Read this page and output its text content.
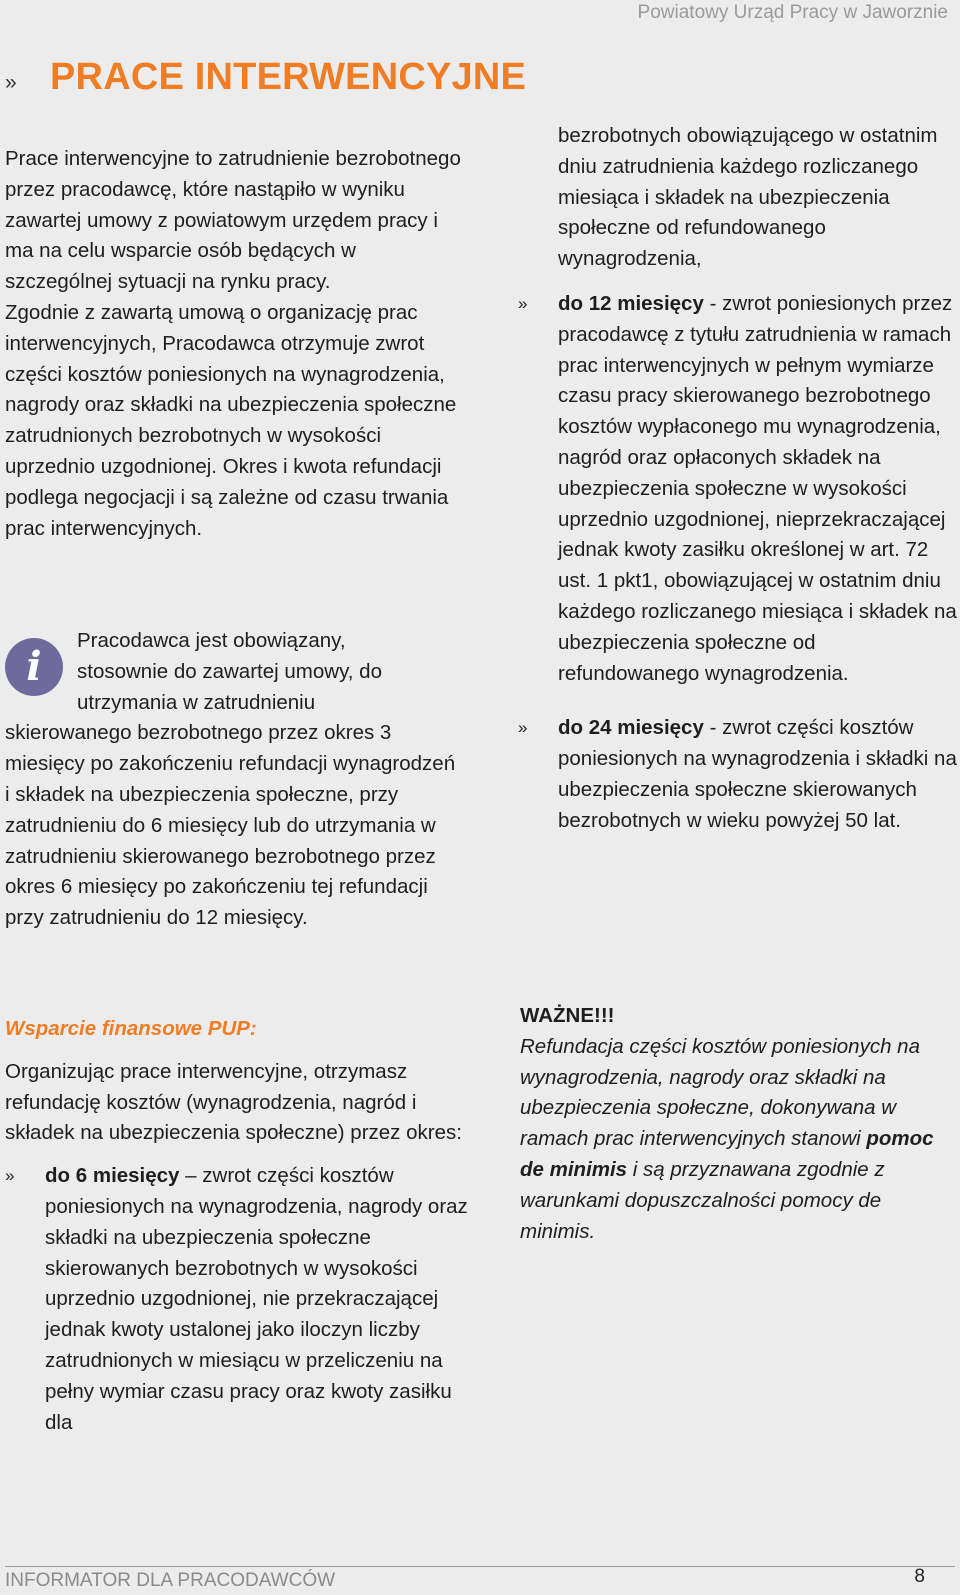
Powiatowy Urząd Pracy w Jaworznie
» PRACE INTERWENCYJNE

Prace interwencyjne to zatrudnienie bezrobotnego przez pracodawcę, które nastąpiło w wyniku zawartej umowy z powiatowym urzędem pracy i ma na celu wsparcie osób będących w szczególnej sytuacji na rynku pracy.

Zgodnie z zawartą umową o organizację prac interwencyjnych, Pracodawca otrzymuje zwrot części kosztów poniesionych na wynagrodzenia, nagrody oraz składki na ubezpieczenia społeczne zatrudnionych bezrobotnych w wysokości uprzednio uzgodnionej. Okres i kwota refundacji podlega negocjacji i są zależne od czasu trwania prac interwencyjnych.

i
Pracodawca jest obowiązany,
stosownie do zawartej umowy, do
utrzymania w zatrudnieniu
skierowanego bezrobotnego przez okres 3 miesięcy po zakończeniu refundacji wynagrodzeń i składek na ubezpieczenia społeczne, przy zatrudnieniu do 6 miesięcy lub do utrzymania w zatrudnieniu skierowanego bezrobotnego przez okres 6 miesięcy po zakończeniu tej refundacji przy zatrudnieniu do 12 miesięcy.

bezrobotnych obowiązującego w ostatnim dniu zatrudnienia każdego rozliczanego miesiąca i składek na ubezpieczenia społeczne od refundowanego wynagrodzenia,

»	do 12 miesięcy - zwrot poniesionych przez pracodawcę z tytułu zatrudnienia w ramach prac interwencyjnych w pełnym wymiarze czasu pracy skierowanego bezrobotnego kosztów wypłaconego mu wynagrodzenia, nagród oraz opłaconych składek na ubezpieczenia społeczne w wysokości uprzednio uzgodnionej, nieprzekraczającej jednak kwoty zasiłku określonej w art. 72 ust. 1 pkt1, obowiązującej w ostatnim dniu każdego rozliczanego miesiąca i składek na ubezpieczenia społeczne od refundowanego wynagrodzenia.
»	do 24 miesięcy - zwrot części kosztów poniesionych na wynagrodzenia i składki na ubezpieczenia społeczne skierowanych bezrobotnych w wieku powyżej 50 lat.

Wsparcie finansowe PUP:

Organizując prace interwencyjne, otrzymasz refundację kosztów (wynagrodzenia, nagród i składek na ubezpieczenia społeczne) przez okres:

»	do 6 miesięcy – zwrot części kosztów poniesionych na wynagrodzenia, nagrody oraz składki na ubezpieczenia społeczne skierowanych bezrobotnych w wysokości uprzednio uzgodnionej, nie przekraczającej jednak kwoty ustalonej jako iloczyn liczby zatrudnionych w miesiącu w przeliczeniu na pełny wymiar czasu pracy oraz kwoty zasiłku dla

WAŻNE!!!

Refundacja części kosztów poniesionych na wynagrodzenia, nagrody oraz składki na ubezpieczenia społeczne, dokonywana w ramach prac interwencyjnych stanowi pomoc de minimis i są przyznawana zgodnie z warunkami dopuszczalności pomocy de minimis.

INFORMATOR DLA PRACODAWCÓW	8
